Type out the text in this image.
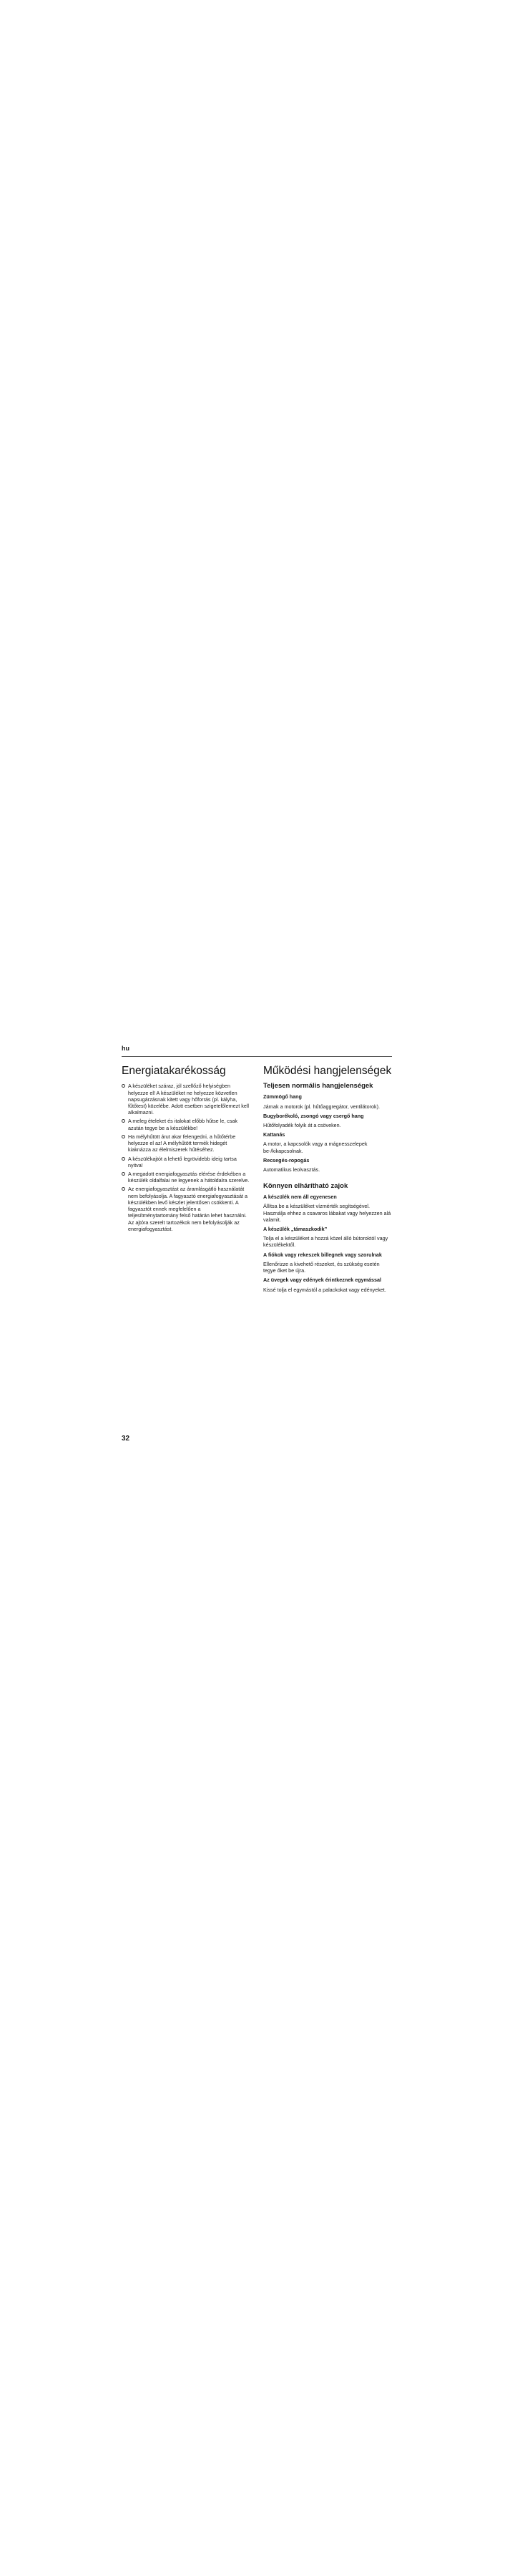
hu
Energiatakarékosság
A készüléket száraz, jól szellőző helyiségben helyezze el! A készüléket ne helyezze közvetlen napsugárzásnak kitett vagy hőforrás (pl. kályha, fűtőtest) közelébe. Adott esetben szigetelőlemezt kell alkalmazni.
A meleg ételeket és italokat előbb hűtse le, csak azután tegye be a készülékbe!
Ha mélyhűtött árut akar felengedni, a hűtőtérbe helyezze el az! A mélyhűtött termék hidegét kiaknázza az élelmiszerek hűtéséhez.
A készülékajtót a lehető legrövidebb ideig tartsa nyitva!
A megadott energiafogyasztás elérése érdekében a készülék oldalfalai ne legyenek a hátoldalra szerelve.
Az energiafogyasztást az áramlásgátló használatát nem befolyásolja. A fagyasztó energiafogyasztását a készülékben levő készlet jelentősen csökkenti. A fagyasztót ennek megfelelően a teljesítménytartomány felső határán lehet használni. Az ajtóra szerelt tartozékok nem befolyásolják az energiafogyasztást.
Működési hangjelenségek
Teljesen normális hangjelenségek

Zümmögő hang

Járnak a motorok (pl. hűtőaggregátor, ventilátorok).

Bugyborékoló, zsongó vagy csergő hang

Hűtőfolyadék folyik át a csöveken.

Kattanás

A motor, a kapcsolók vagy a mágnesszelepek be-/kikapcsolnak.

Recsegés-ropogás

Automatikus leolvasztás.

Könnyen elhárítható zajok

A készülék nem áll egyenesen

Állítsa be a készüléket vízmérték segítségével. Használja ehhez a csavaros lábakat vagy helyezzen alá valamit.

A készülék „támaszkodik”

Tolja el a készüléket a hozzá közel álló bútoroktól vagy készülékektől.

A fiókok vagy rekeszek billegnek vagy szorulnak

Ellenőrizze a kivehető részeket, és szükség esetén tegye őket be újra.

Az üvegek vagy edények érintkeznek egymással

Kissé tolja el egymástól a palackokat vagy edényeket.

32
